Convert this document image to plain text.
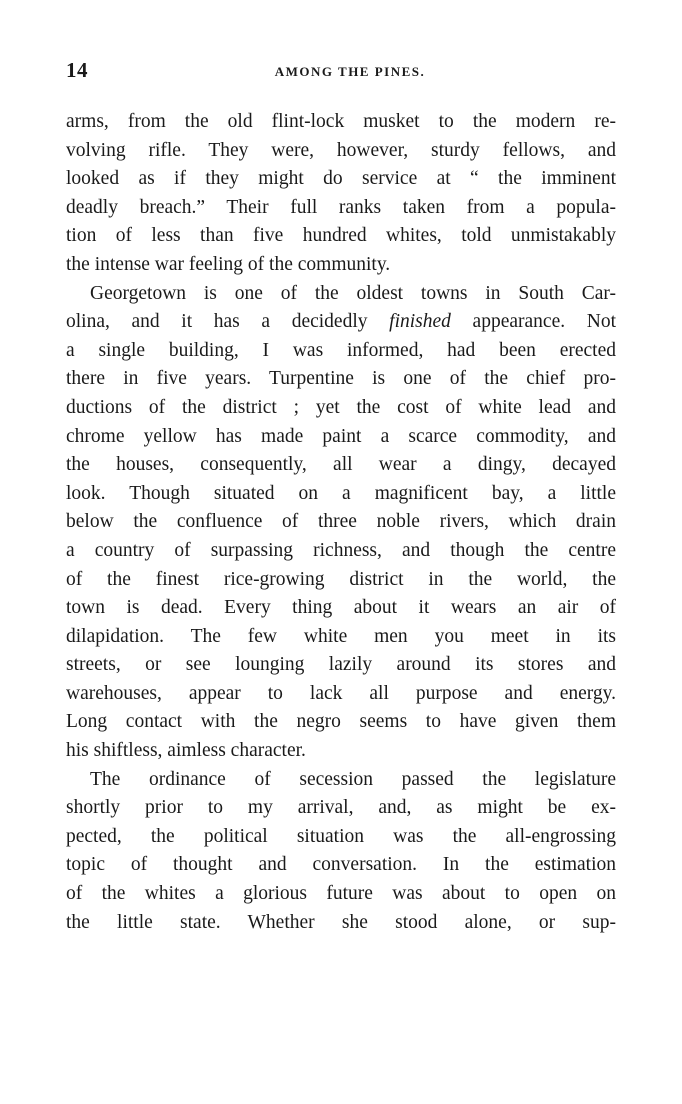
14	AMONG THE PINES.
arms, from the old flint-lock musket to the modern re-
volving rifle. They were, however, sturdy fellows, and
looked as if they might do service at “ the imminent
deadly breach.” Their full ranks taken from a popula-
tion of less than five hundred whites, told unmistakably
the intense war feeling of the community.
Georgetown is one of the oldest towns in South Car-
olina, and it has a decidedly finished appearance. Not
a single building, I was informed, had been erected
there in five years. Turpentine is one of the chief pro-
ductions of the district ; yet the cost of white lead and
chrome yellow has made paint a scarce commodity, and
the houses, consequently, all wear a dingy, decayed
look. Though situated on a magnificent bay, a little
below the confluence of three noble rivers, which drain
a country of surpassing richness, and though the centre
of the finest rice-growing district in the world, the
town is dead. Every thing about it wears an air of
dilapidation. The few white men you meet in its
streets, or see lounging lazily around its stores and
warehouses, appear to lack all purpose and energy.
Long contact with the negro seems to have given them
his shiftless, aimless character.
The ordinance of secession passed the legislature
shortly prior to my arrival, and, as might be ex-
pected, the political situation was the all-engrossing
topic of thought and conversation. In the estimation
of the whites a glorious future was about to open on
the little state. Whether she stood alone, or sup-
